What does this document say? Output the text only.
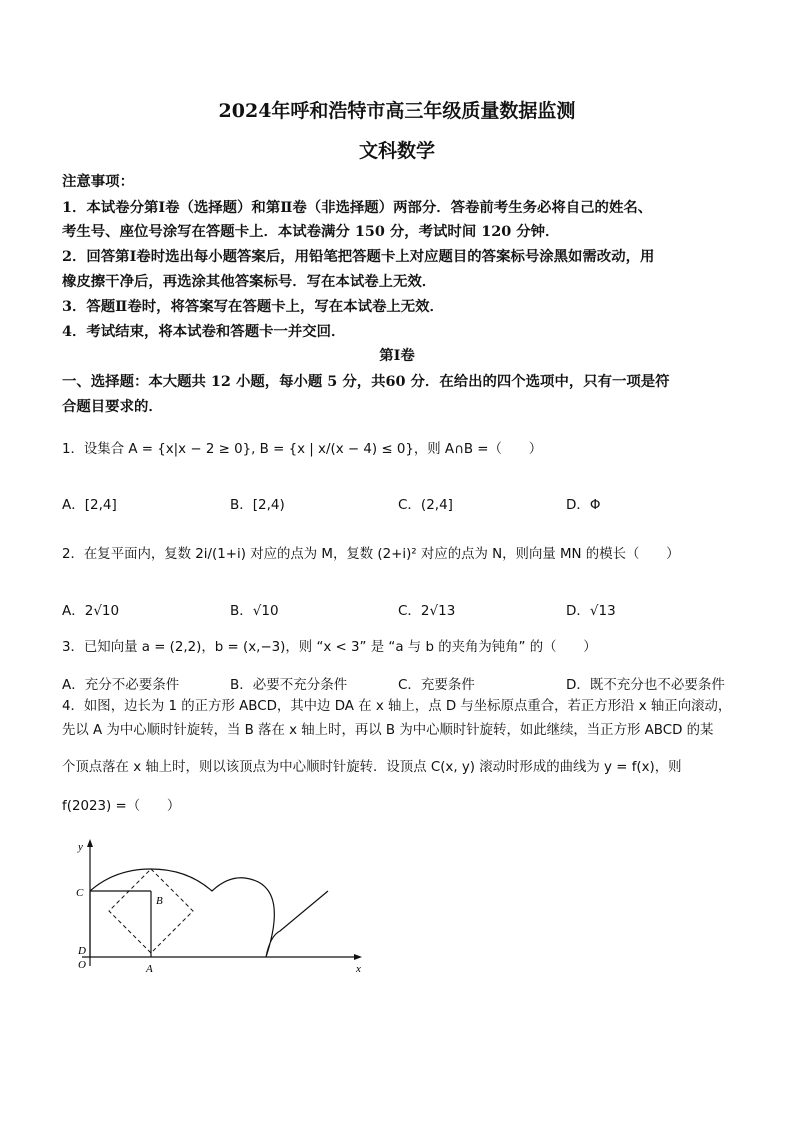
2024年呼和浩特市高三年级质量数据监测
文科数学
注意事项：
1．本试卷分第Ⅰ卷（选择题）和第Ⅱ卷（非选择题）两部分．答卷前考生务必将自己的姓名、
考生号、座位号涂写在答题卡上．本试卷满分 150 分，考试时间 120 分钟．
2．回答第Ⅰ卷时选出每小题答案后，用铅笔把答题卡上对应题目的答案标号涂黑如需改动，用
橡皮擦干净后，再选涂其他答案标号．写在本试卷上无效．
3．答题Ⅱ卷时，将答案写在答题卡上，写在本试卷上无效．
4．考试结束，将本试卷和答题卡一并交回．
第Ⅰ卷
一、选择题：本大题共 12 小题，每小题 5 分，共60 分．在给出的四个选项中，只有一项是符
合题目要求的．
1．设集合 A = {x|x − 2 ≥ 0}, B = {x | x/(x − 4) ≤ 0}，则 A∩B =（　　）
A．[2,4]	B．[2,4)	C．(2,4]	D．Φ
2．在复平面内，复数 2i/(1+i) 对应的点为 M，复数 (2+i)² 对应的点为 N，则向量 MN 的模长（　　）
A．2√10	B．√10	C．2√13	D．√13
3．已知向量 a = (2,2)，b = (x,−3)，则 “x < 3” 是 “a 与 b 的夹角为钝角” 的（　　）
A．充分不必要条件	B．必要不充分条件	C．充要条件	D．既不充分也不必要条件
4．如图，边长为 1 的正方形 ABCD，其中边 DA 在 x 轴上，点 D 与坐标原点重合，若正方形沿 x 轴正向滚动，
先以 A 为中心顺时针旋转，当 B 落在 x 轴上时，再以 B 为中心顺时针旋转，如此继续，当正方形 ABCD 的某
个顶点落在 x 轴上时，则以该顶点为中心顺时针旋转．设顶点 C(x, y) 滚动时形成的曲线为 y = f(x)，则
f(2023) =（　　）
y
x
C
B
D
O	A
